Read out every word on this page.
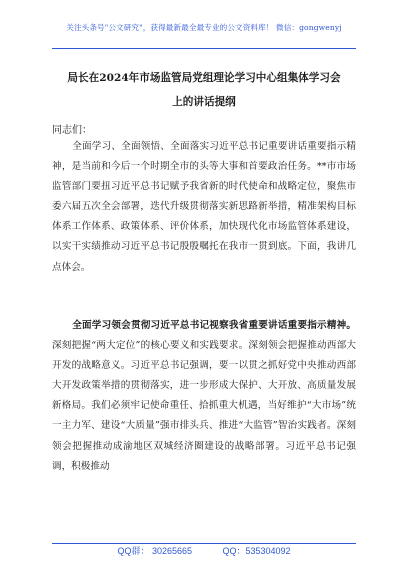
关注头条号"公文研究"，获得最新最全最专业的公文资料库！ 微信：gongwenyj
局长在2024年市场监管局党组理论学习中心组集体学习会
上的讲话提纲
同志们：
全面学习、全面领悟、全面落实习近平总书记重要讲话重要指示精神，是当前和今后一个时期全市的头等大事和首要政治任务。**市市场监管部门要扭习近平总书记赋予我省新的时代使命和战略定位，聚焦市委六届五次全会部署，迭代升级贯彻落实新思路新举措，精准架构目标体系工作体系、政策体系、评价体系，加快现代化市场监管体系建设，以实干实绩推动习近平总书记殷殷嘱托在我市一贯到底。下面，我讲几点体会。
全面学习领会贯彻习近平总书记视察我省重要讲话重要指示精神。深刻把握“两大定位”的核心要义和实践要求。深刻领会把握推动西部大开发的战略意义。习近平总书记强调，要一以贯之抓好党中央推动西部大开发政策举措的贯彻落实，进一步形成大保护、大开放、高质量发展新格局。我们必须牢记使命重任、拾抓重大机遇，当好维护“大市场”统一主力军、建设“大质量”强市排头兵、推进“大监管”智治实践者。深刻领会把握推动成渝地区双城经济圈建设的战略部署。习近平总书记强调，积极推动
QQ群： 30265665	QQ：535304092
